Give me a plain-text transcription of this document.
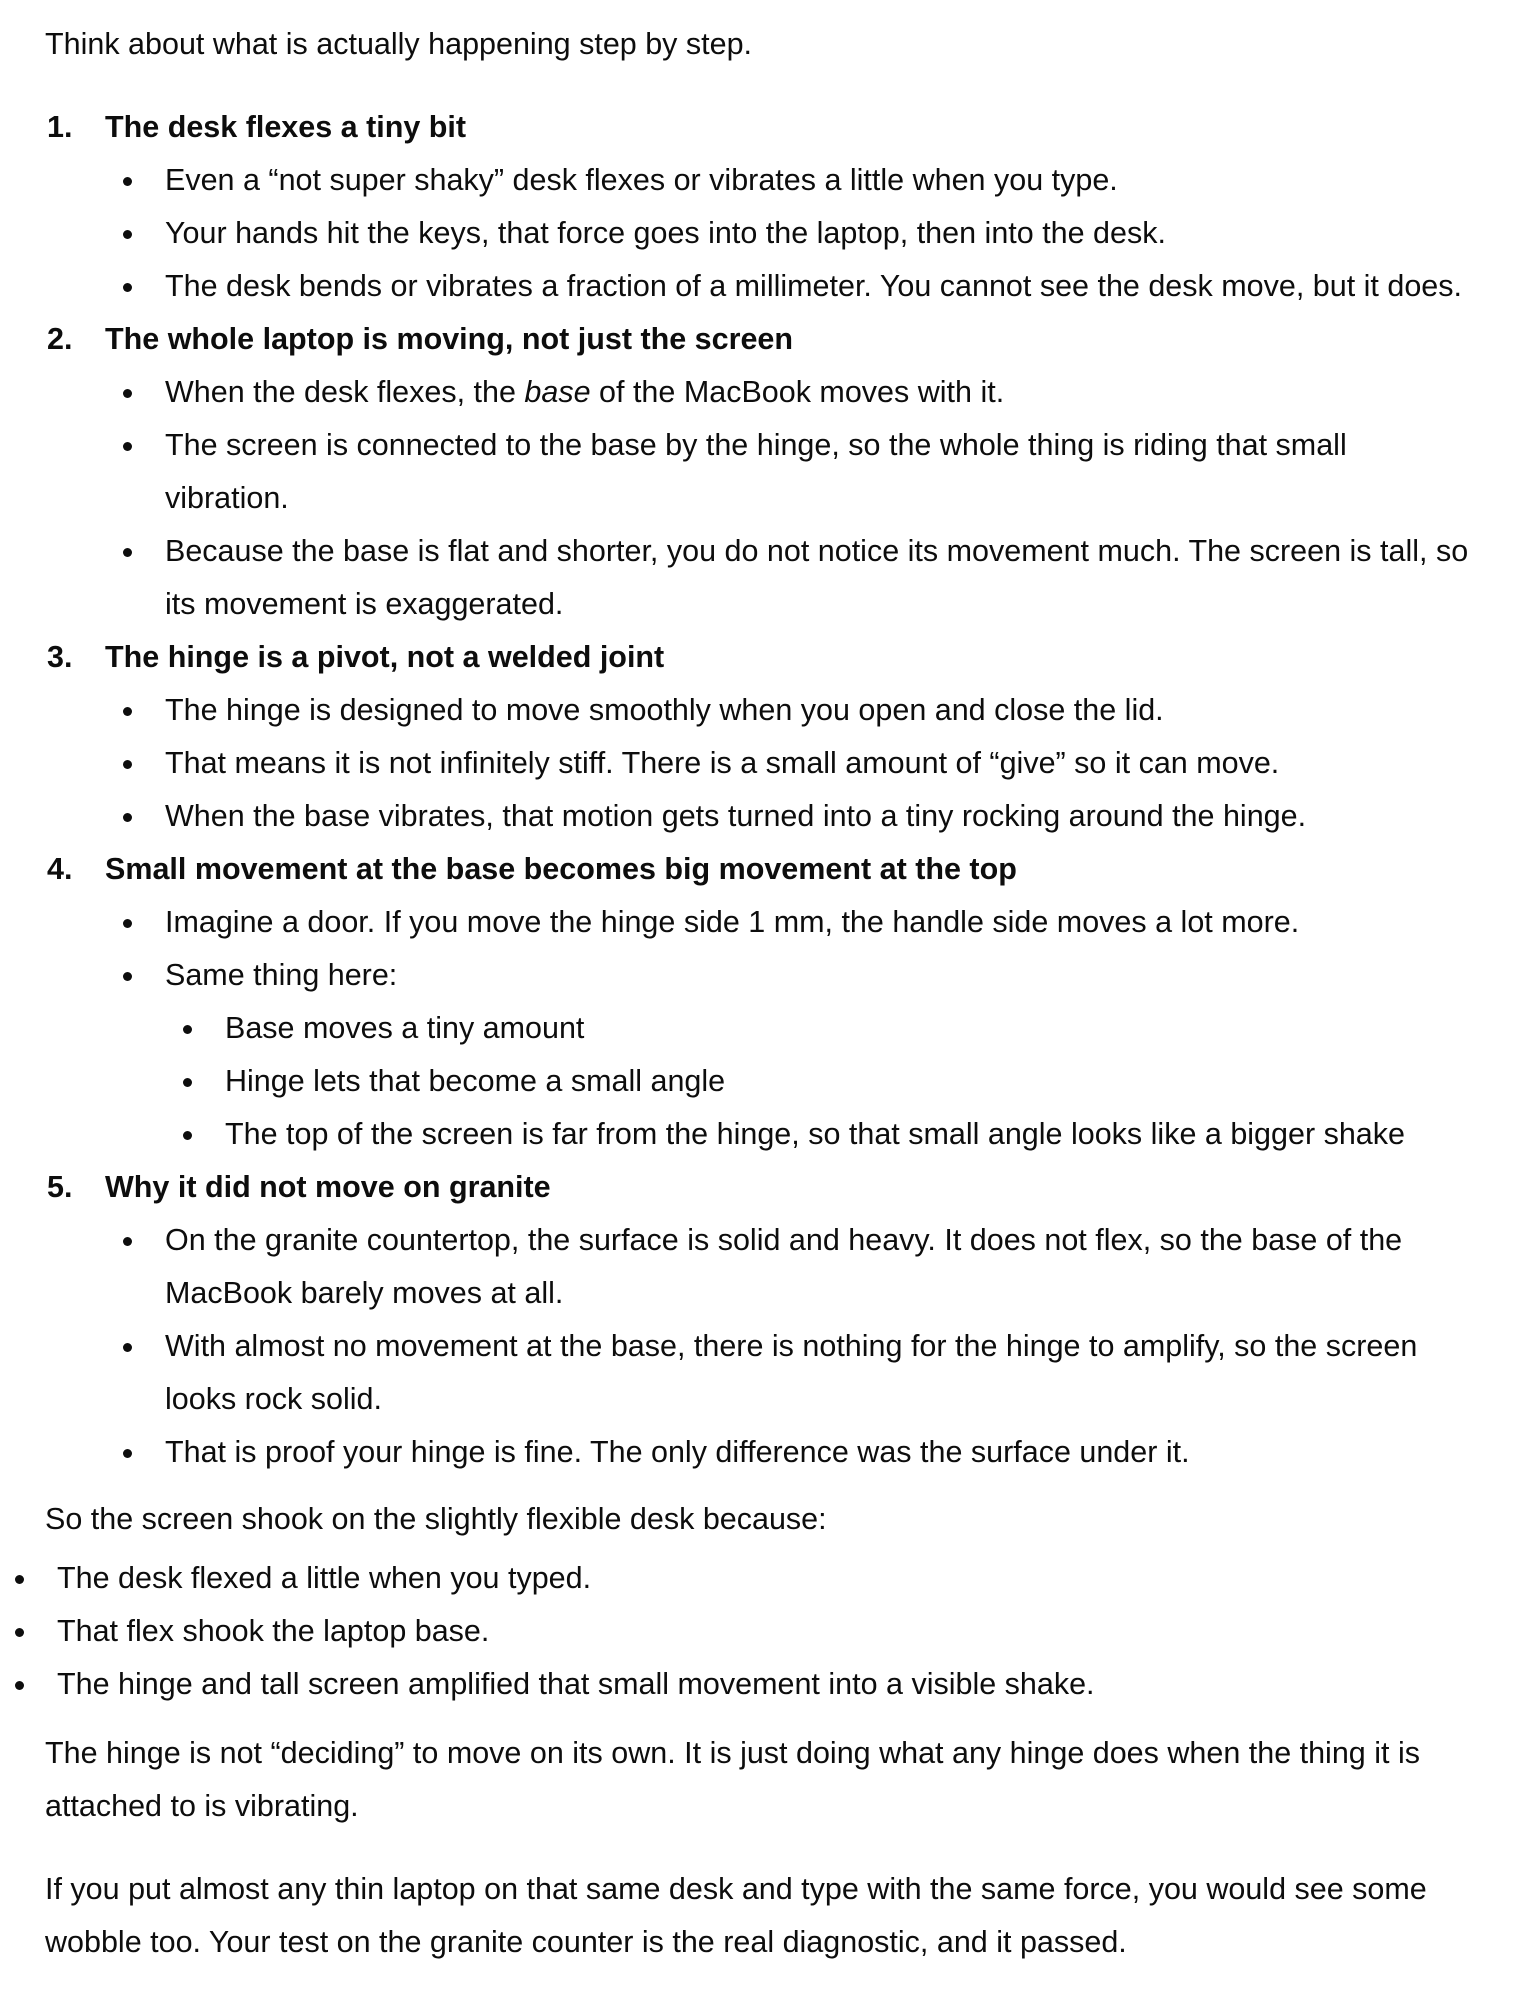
Think about what is actually happening step by step.

1. The desk flexes a tiny bit
Even a “not super shaky” desk flexes or vibrates a little when you type.
Your hands hit the keys, that force goes into the laptop, then into the desk.
The desk bends or vibrates a fraction of a millimeter. You cannot see the desk move, but it does.
2. The whole laptop is moving, not just the screen
When the desk flexes, the base of the MacBook moves with it.
The screen is connected to the base by the hinge, so the whole thing is riding that small vibration.
Because the base is flat and shorter, you do not notice its movement much. The screen is tall, so its movement is exaggerated.
3. The hinge is a pivot, not a welded joint
The hinge is designed to move smoothly when you open and close the lid.
That means it is not infinitely stiff. There is a small amount of “give” so it can move.
When the base vibrates, that motion gets turned into a tiny rocking around the hinge.
4. Small movement at the base becomes big movement at the top
Imagine a door. If you move the hinge side 1 mm, the handle side moves a lot more.
Same thing here:
Base moves a tiny amount
Hinge lets that become a small angle
The top of the screen is far from the hinge, so that small angle looks like a bigger shake
5. Why it did not move on granite
On the granite countertop, the surface is solid and heavy. It does not flex, so the base of the MacBook barely moves at all.
With almost no movement at the base, there is nothing for the hinge to amplify, so the screen looks rock solid.
That is proof your hinge is fine. The only difference was the surface under it.

So the screen shook on the slightly flexible desk because:

The desk flexed a little when you typed.
That flex shook the laptop base.
The hinge and tall screen amplified that small movement into a visible shake.

The hinge is not “deciding” to move on its own. It is just doing what any hinge does when the thing it is attached to is vibrating.

If you put almost any thin laptop on that same desk and type with the same force, you would see some wobble too. Your test on the granite counter is the real diagnostic, and it passed.
